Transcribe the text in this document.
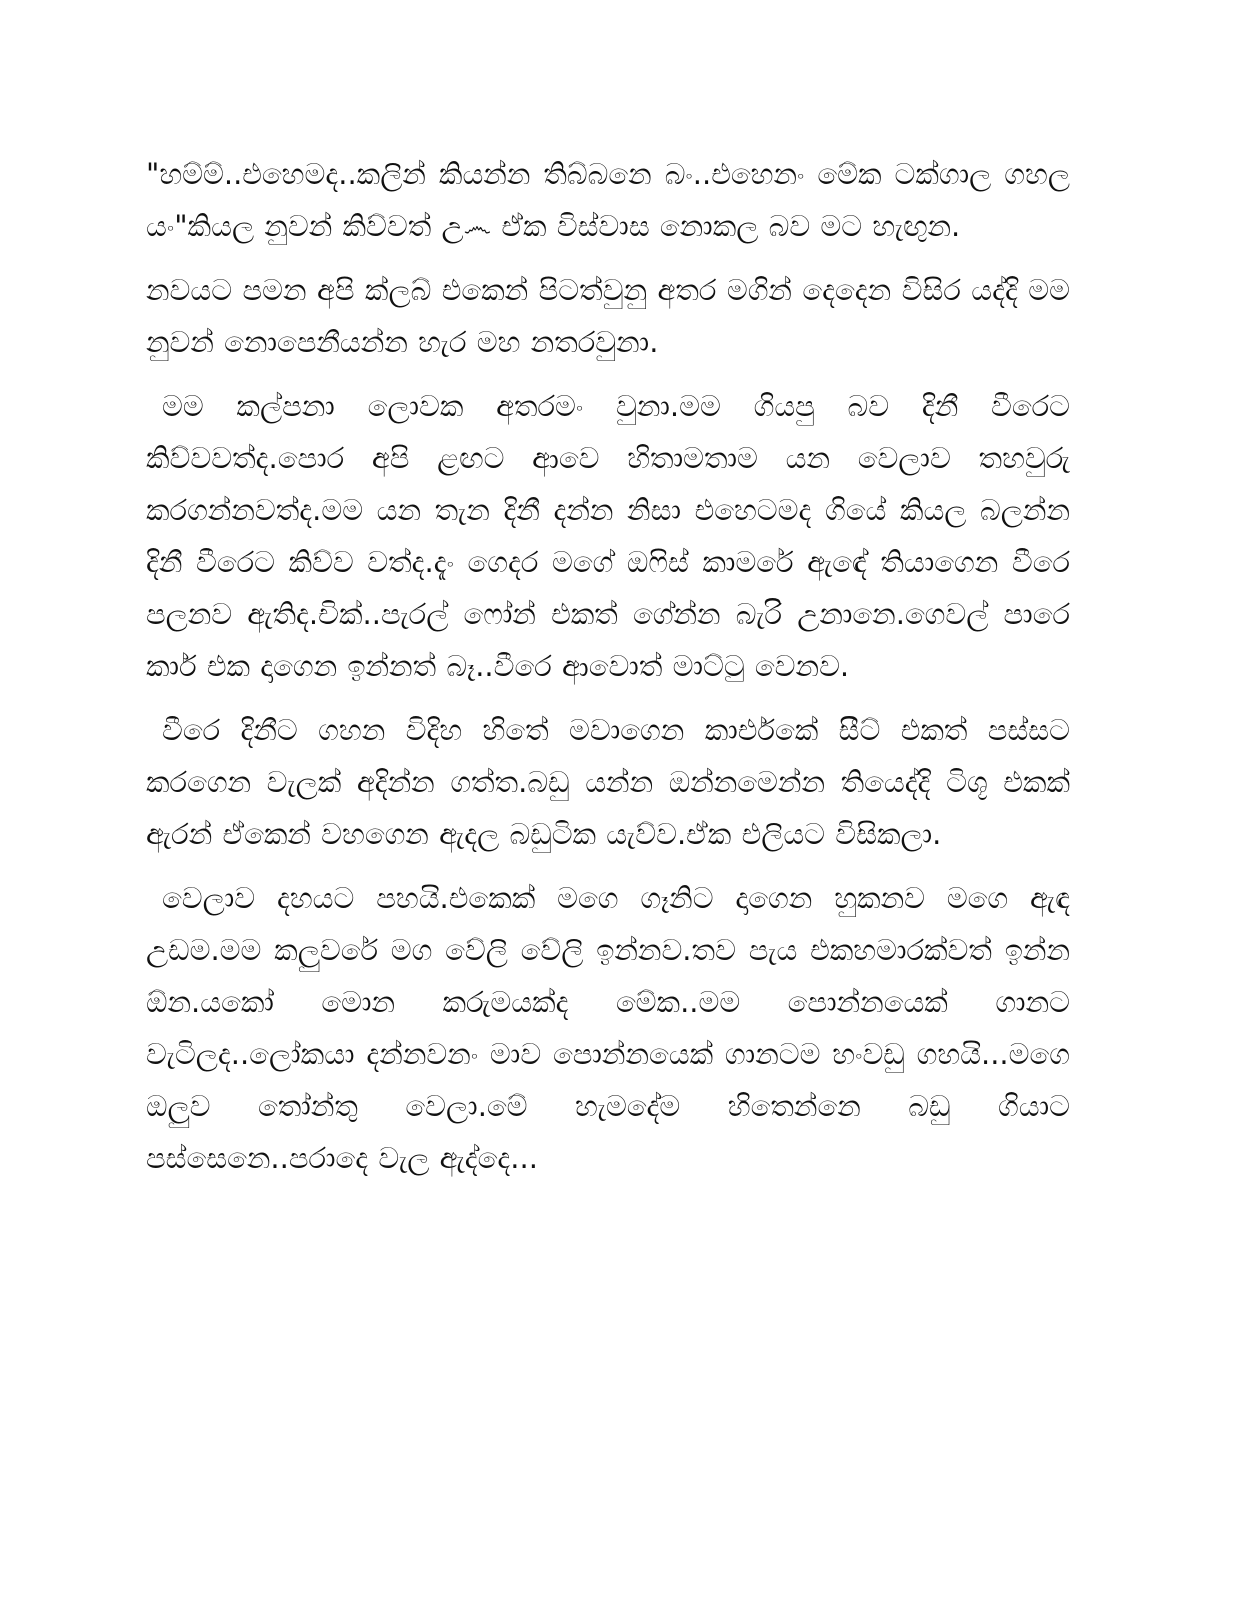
"හම්ම්..එහෙමද..කලින් කියන්න තිබ්බනෙ බං..එහෙනං මේක ටක්ගාල ගහල යං"කියල නුවන් කිව්වත් උ෴ ඒක විස්වාස නොකල බව මට හැඟුන.

නවයට පමන අපි ක්ලබ් එකෙන් පිටත්වුනු අතර මගින් දෙදෙන විසිර යද්දි මම නුවන් නොපෙනීයන්න හැර මහ නතරවුනා.

මම කල්පනා ලොවක අතරමං වුනා.මම ගියපු බව දිනී වීරෙට කිව්වවත්ද.පොර අපි ළඟට ආවෙ හිතාමතාම යන වෙලාව තහවුරු කරගන්නවත්ද.මම යන තැන දිනී දන්න නිසා එහෙටමද ගියේ කියල බලන්න දිනී වීරෙට කිව්ව වත්ද.දැං ගෙදර මගේ ඔෆිස් කාමරේ ඇඳේ තියාගෙන වීරෙ පලනව ඇතිද.චික්..පැරල් ෆෝන් එකත් ගේන්න බැරි උනානෙ.ගෙවල් පාරෙ කාර් එක දාගෙන ඉන්නත් බෑ..වීරෙ ආවොත් මාට්ටු වෙනව.

වීරෙ දිනීට ගහන විදිහ හිතේ මවාගෙන කාර්එකේ සීට් එකත් පස්සට කරගෙන වැලක් අදින්න ගත්ත.බඩු යන්න ඔන්නමෙන්න තියෙද්දි ටිශූ එකක් ඇරන් ඒකෙන් වහගෙන ඇදල බඩුටික යැව්ව.ඒක එලියට විසිකලා.

වෙලාව දහයට පහයි.එකෙක් මගෙ ගෑනිට දාගෙන හුකනව මගෙ ඇඳ උඩම.මම කලුවරේ මග වේලි වේලි ඉන්නව.තව පැය එකහමාරක්වත් ඉන්න ඕන.යකෝ මොන කරුමයක්ද මේක..මම පොන්නයෙක් ගානට වැටිලද..ලෝකයා දන්නවනං මාව පොන්නයෙක් ගානටම හංවඩු ගහයි...මගෙ ඔලුව තෝන්තු වෙලා.මේ හැමදේම හිතෙන්නෙ බඩු ගියාට පස්සෙනෙ..පරාදෙ වැල ඇද්දෙ...
